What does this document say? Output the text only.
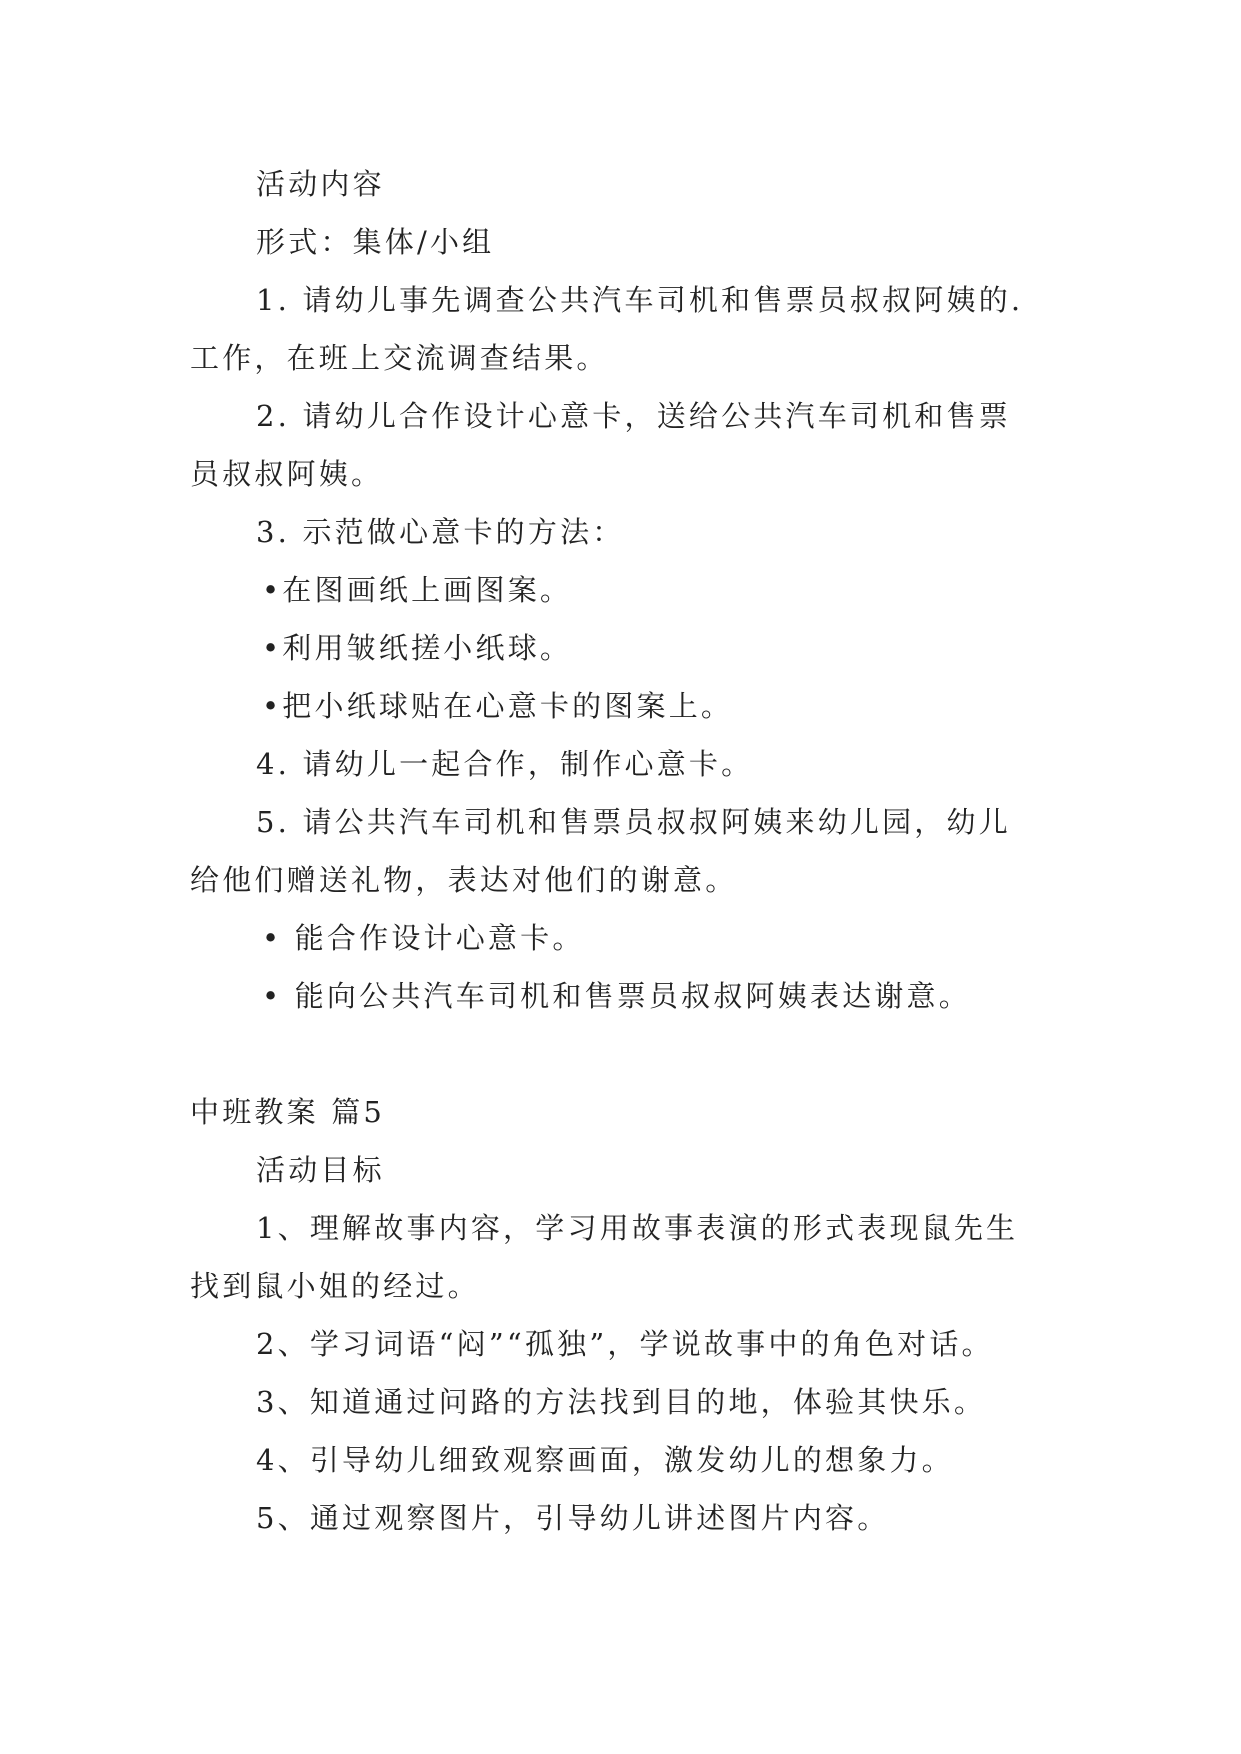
活动内容
形式：集体/小组
1. 请幼儿事先调查公共汽车司机和售票员叔叔阿姨的.
工作，在班上交流调查结果。
2. 请幼儿合作设计心意卡，送给公共汽车司机和售票
员叔叔阿姨。
3. 示范做心意卡的方法：
•在图画纸上画图案。
•利用皱纸搓小纸球。
•把小纸球贴在心意卡的图案上。
4. 请幼儿一起合作，制作心意卡。
5. 请公共汽车司机和售票员叔叔阿姨来幼儿园，幼儿
给他们赠送礼物，表达对他们的谢意。
• 能合作设计心意卡。
• 能向公共汽车司机和售票员叔叔阿姨表达谢意。
中班教案 篇5
活动目标
1、理解故事内容，学习用故事表演的形式表现鼠先生
找到鼠小姐的经过。
2、学习词语“闷”“孤独”，学说故事中的角色对话。
3、知道通过问路的方法找到目的地，体验其快乐。
4、引导幼儿细致观察画面，激发幼儿的想象力。
5、通过观察图片，引导幼儿讲述图片内容。
